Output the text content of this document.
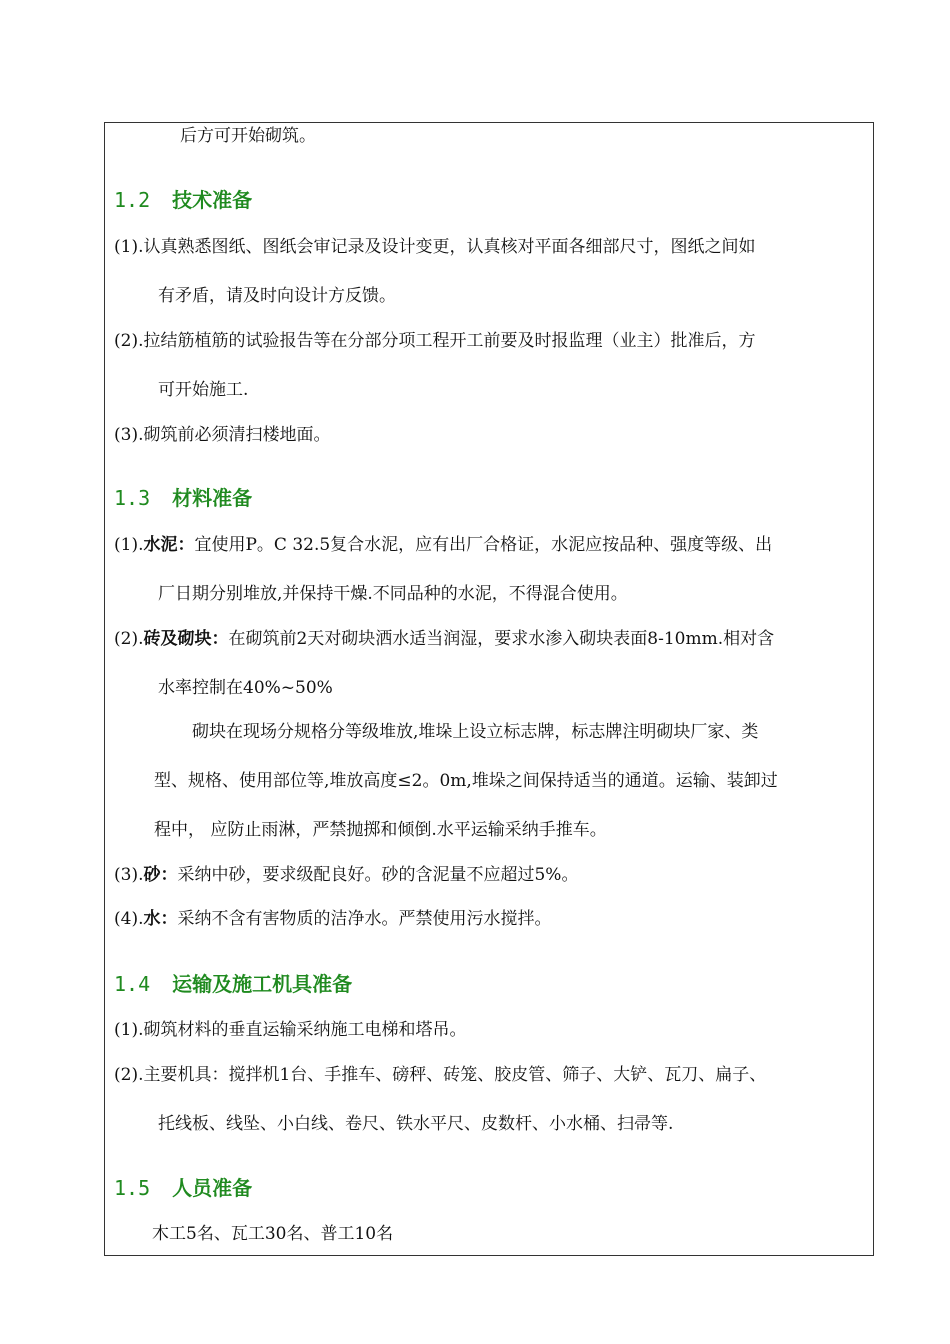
后方可开始砌筑。
1.2 技术准备
(1).认真熟悉图纸、图纸会审记录及设计变更，认真核对平面各细部尺寸，图纸之间如
有矛盾，请及时向设计方反馈。
(2).拉结筋植筋的试验报告等在分部分项工程开工前要及时报监理（业主）批准后，方
可开始施工.
(3).砌筑前必须清扫楼地面。
1.3 材料准备
(1).水泥：宜使用P。C 32.5复合水泥，应有出厂合格证，水泥应按品种、强度等级、出
厂日期分别堆放,并保持干燥.不同品种的水泥，不得混合使用。
(2).砖及砌块：在砌筑前2天对砌块洒水适当润湿，要求水渗入砌块表面8-10mm.相对含
水率控制在40%~50%
砌块在现场分规格分等级堆放,堆垛上设立标志牌，标志牌注明砌块厂家、类
型、规格、使用部位等,堆放高度≤2。0m,堆垛之间保持适当的通道。运输、装卸过
程中， 应防止雨淋，严禁抛掷和倾倒.水平运输采纳手推车。
(3).砂：采纳中砂，要求级配良好。砂的含泥量不应超过5%。
(4).水：采纳不含有害物质的洁净水。严禁使用污水搅拌。
1.4 运输及施工机具准备
(1).砌筑材料的垂直运输采纳施工电梯和塔吊。
(2).主要机具：搅拌机1台、手推车、磅秤、砖笼、胶皮管、筛子、大铲、瓦刀、扁子、
托线板、线坠、小白线、卷尺、铁水平尺、皮数杆、小水桶、扫帚等.
1.5 人员准备
木工5名、瓦工30名、普工10名
